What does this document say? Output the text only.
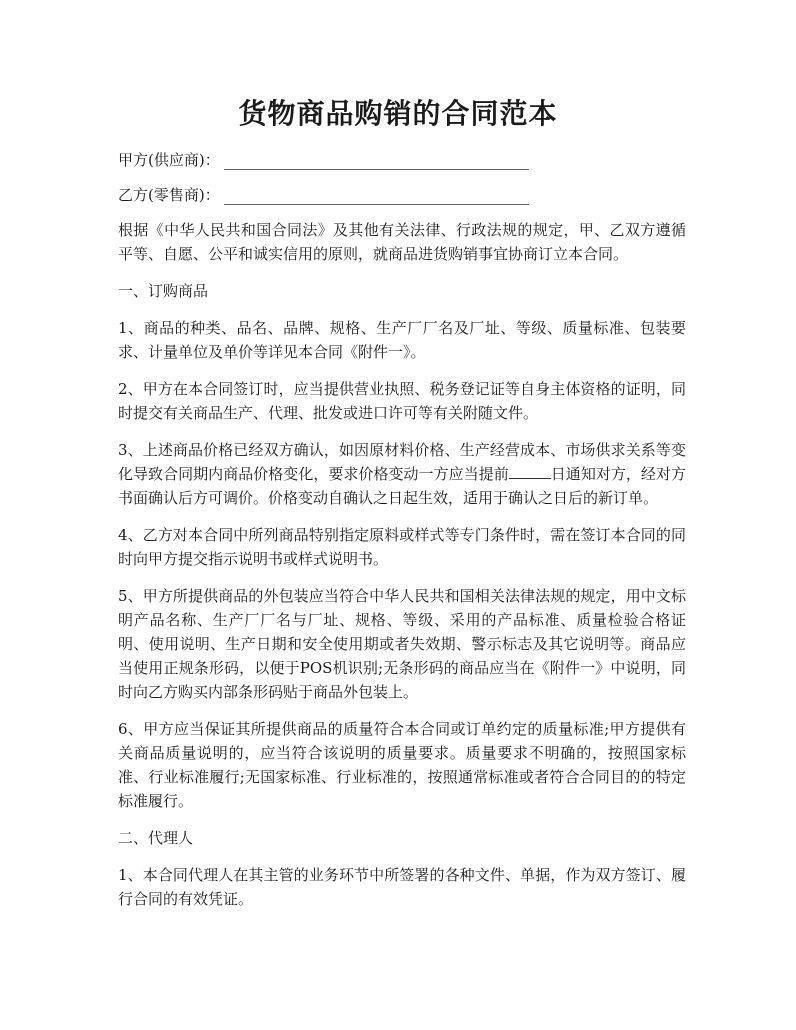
货物商品购销的合同范本
甲方(供应商)：
乙方(零售商)：

根据《中华人民共和国合同法》及其他有关法律、行政法规的规定，甲、乙双方遵循平等、自愿、公平和诚实信用的原则，就商品进货购销事宜协商订立本合同。

一、订购商品

1、商品的种类、品名、品牌、规格、生产厂厂名及厂址、等级、质量标准、包装要求、计量单位及单价等详见本合同《附件一》。

2、甲方在本合同签订时，应当提供营业执照、税务登记证等自身主体资格的证明，同时提交有关商品生产、代理、批发或进口许可等有关附随文件。

3、上述商品价格已经双方确认，如因原材料价格、生产经营成本、市场供求关系等变化导致合同期内商品价格变化，要求价格变动一方应当提前	日通知对方，经对方书面确认后方可调价。价格变动自确认之日起生效，适用于确认之日后的新订单。

4、乙方对本合同中所列商品特别指定原料或样式等专门条件时，需在签订本合同的同时向甲方提交指示说明书或样式说明书。

5、甲方所提供商品的外包装应当符合中华人民共和国相关法律法规的规定，用中文标明产品名称、生产厂厂名与厂址、规格、等级、采用的产品标准、质量检验合格证明、使用说明、生产日期和安全使用期或者失效期、警示标志及其它说明等。商品应当使用正规条形码，以便于POS机识别;无条形码的商品应当在《附件一》中说明，同时向乙方购买内部条形码贴于商品外包装上。

6、甲方应当保证其所提供商品的质量符合本合同或订单约定的质量标准;甲方提供有关商品质量说明的，应当符合该说明的质量要求。质量要求不明确的，按照国家标准、行业标准履行;无国家标准、行业标准的，按照通常标准或者符合合同目的的特定标准履行。

二、代理人

1、本合同代理人在其主管的业务环节中所签署的各种文件、单据，作为双方签订、履行合同的有效凭证。
